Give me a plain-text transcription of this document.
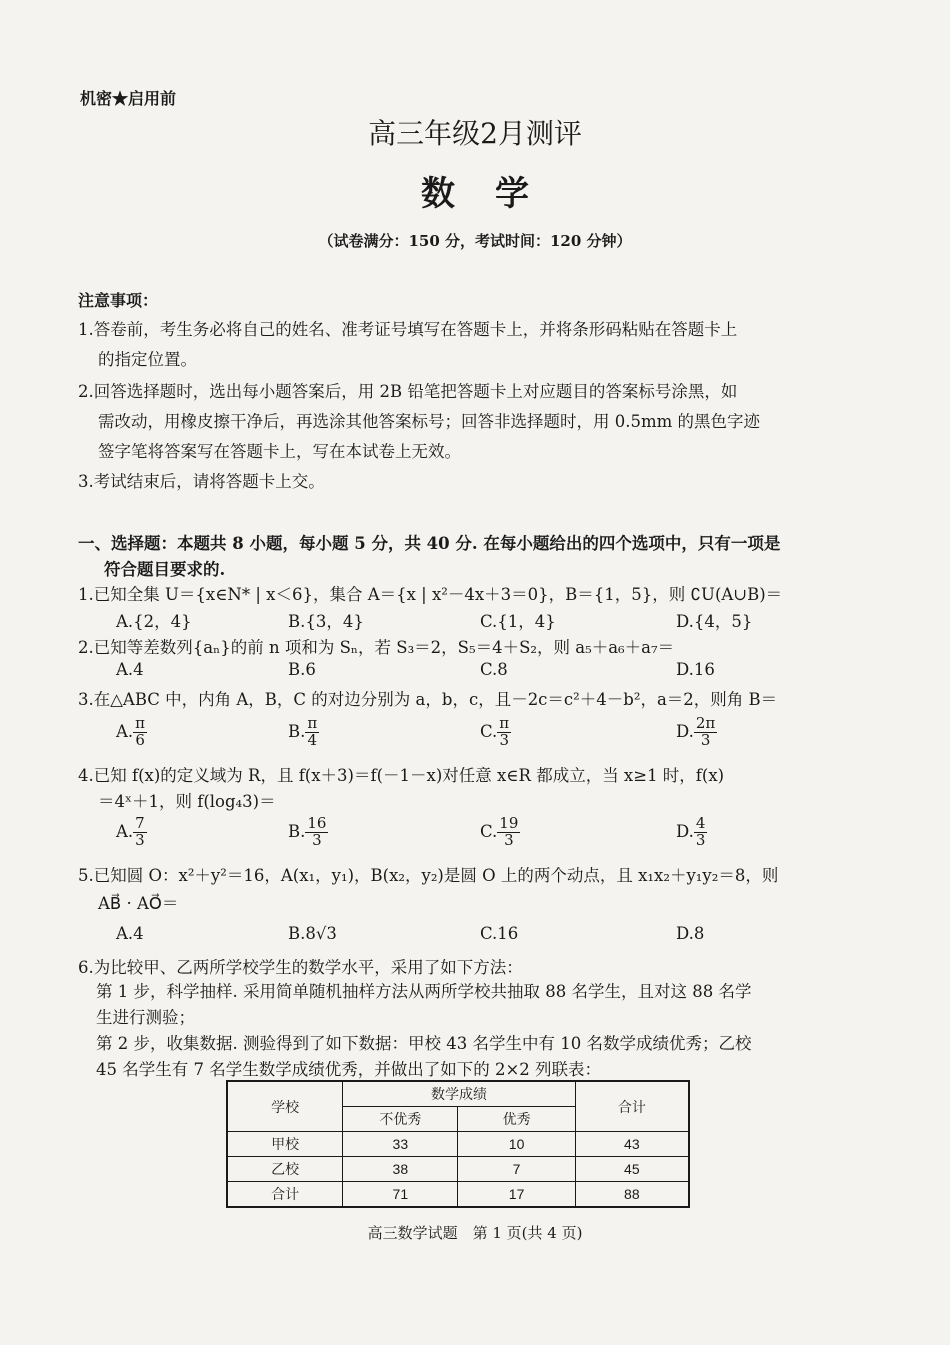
机密★启用前
高三年级2月测评
数学
（试卷满分：150 分，考试时间：120 分钟）
注意事项：
1.答卷前，考生务必将自己的姓名、准考证号填写在答题卡上，并将条形码粘贴在答题卡上
的指定位置。
2.回答选择题时，选出每小题答案后，用 2B 铅笔把答题卡上对应题目的答案标号涂黑，如
需改动，用橡皮擦干净后，再选涂其他答案标号；回答非选择题时，用 0.5mm 的黑色字迹
签字笔将答案写在答题卡上，写在本试卷上无效。
3.考试结束后，请将答题卡上交。
一、选择题：本题共 8 小题，每小题 5 分，共 40 分. 在每小题给出的四个选项中，只有一项是
符合题目要求的.
1.已知全集 U＝{x∈N* | x＜6}，集合 A＝{x | x²－4x＋3＝0}，B＝{1，5}，则 ∁U(A∪B)＝
A.{2，4}	B.{3，4}	C.{1，4}	D.{4，5}
2.已知等差数列{aₙ}的前 n 项和为 Sₙ，若 S₃＝2，S₅＝4＋S₂，则 a₅＋a₆＋a₇＝
A.4	B.6	C.8	D.16
3.在△ABC 中，内角 A，B，C 的对边分别为 a，b，c，且－2c＝c²＋4－b²，a＝2，则角 B＝
A. $\frac{\pi}{6}$	B. $\frac{\pi}{4}$	C. $\frac{\pi}{3}$	D. $\frac{2\pi}{3}$
4.已知 f(x)的定义域为 R，且 f(x＋3)＝f(－1－x)对任意 x∈R 都成立，当 x≥1 时，f(x)
＝4ˣ＋1，则 f(log₄3)＝
A. $\frac{7}{3}$	B. $\frac{16}{3}$	C. $\frac{19}{3}$	D. $\frac{4}{3}$
5.已知圆 O：x²＋y²＝16，A(x₁，y₁)，B(x₂，y₂)是圆 O 上的两个动点，且 x₁x₂＋y₁y₂＝8，则
AB⃗ · AO⃗＝
A.4	B.8√3	C.16	D.8
6.为比较甲、乙两所学校学生的数学水平，采用了如下方法：
第 1 步，科学抽样. 采用简单随机抽样方法从两所学校共抽取 88 名学生，且对这 88 名学
生进行测验；
第 2 步，收集数据. 测验得到了如下数据：甲校 43 名学生中有 10 名数学成绩优秀；乙校
45 名学生有 7 名学生数学成绩优秀，并做出了如下的 2×2 列联表：
学校	数学成绩		合计
	不优秀	优秀	
甲校	33	10	43
乙校	38	7	45
合计	71	17	88
高三数学试题　第 1 页(共 4 页)
